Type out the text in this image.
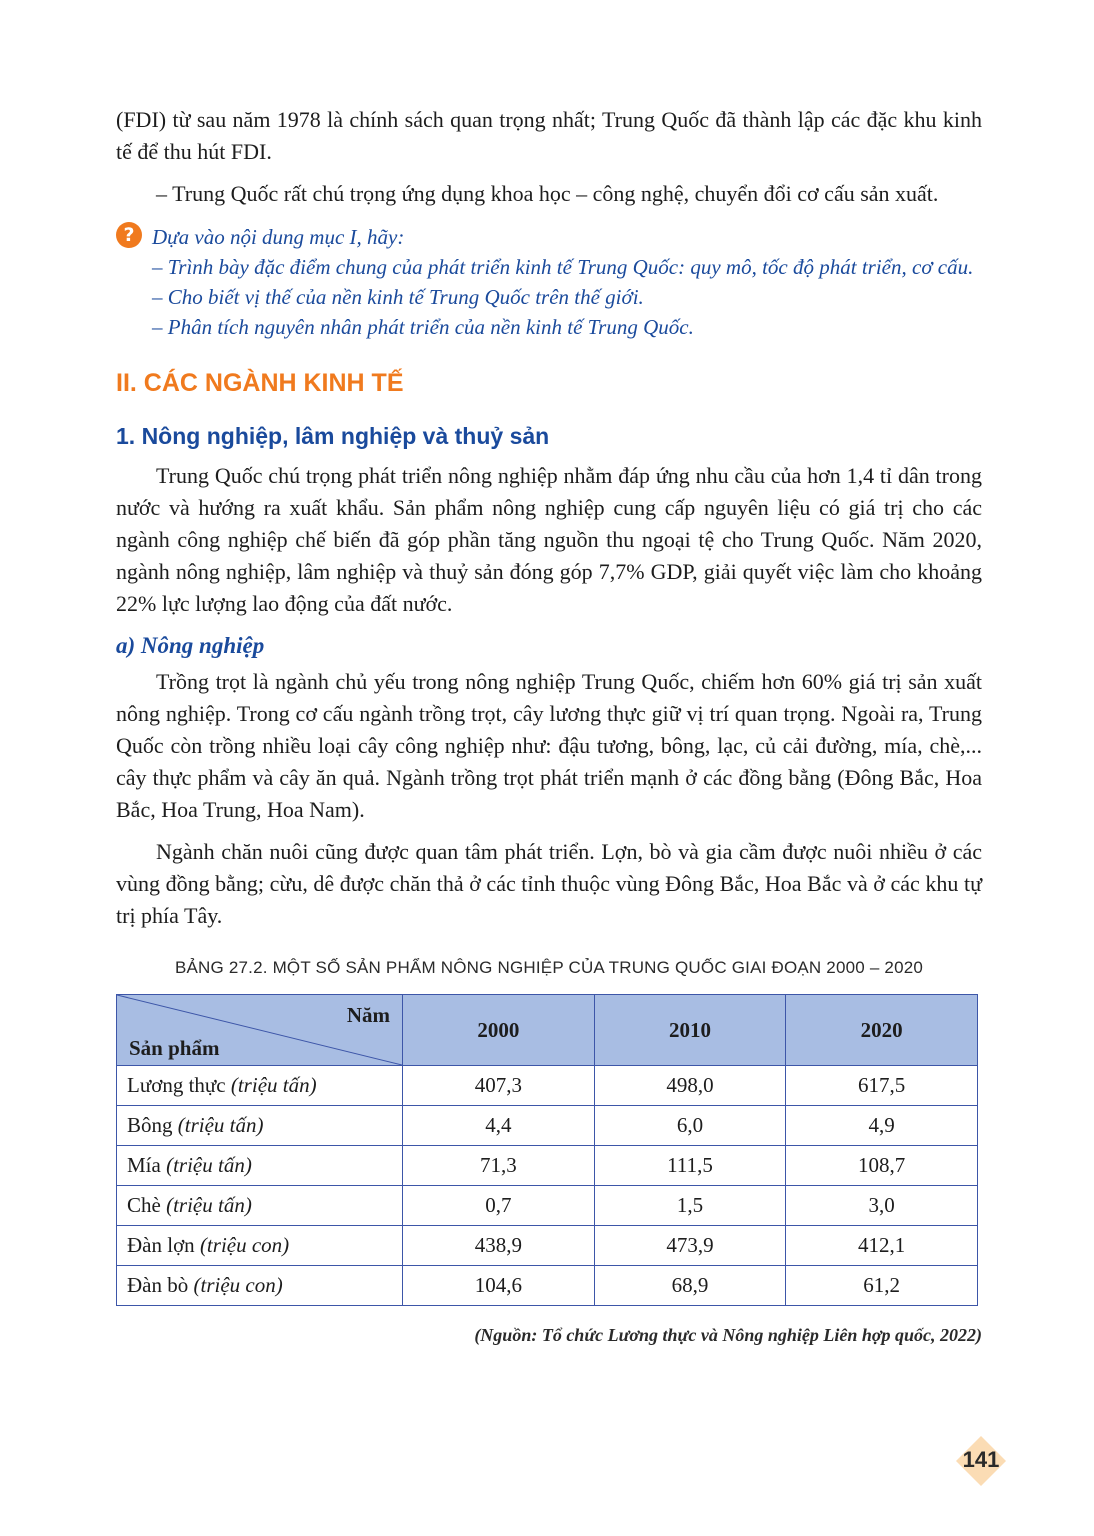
(FDI) từ sau năm 1978 là chính sách quan trọng nhất; Trung Quốc đã thành lập các đặc khu kinh tế để thu hút FDI.

– Trung Quốc rất chú trọng ứng dụng khoa học – công nghệ, chuyển đổi cơ cấu sản xuất.

? Dựa vào nội dung mục I, hãy:

– Trình bày đặc điểm chung của phát triển kinh tế Trung Quốc: quy mô, tốc độ phát triển, cơ cấu.

– Cho biết vị thế của nền kinh tế Trung Quốc trên thế giới.

– Phân tích nguyên nhân phát triển của nền kinh tế Trung Quốc.

II. CÁC NGÀNH KINH TẾ
1. Nông nghiệp, lâm nghiệp và thuỷ sản

Trung Quốc chú trọng phát triển nông nghiệp nhằm đáp ứng nhu cầu của hơn 1,4 tỉ dân trong nước và hướng ra xuất khẩu. Sản phẩm nông nghiệp cung cấp nguyên liệu có giá trị cho các ngành công nghiệp chế biến đã góp phần tăng nguồn thu ngoại tệ cho Trung Quốc. Năm 2020, ngành nông nghiệp, lâm nghiệp và thuỷ sản đóng góp 7,7% GDP, giải quyết việc làm cho khoảng 22% lực lượng lao động của đất nước.

a) Nông nghiệp

Trồng trọt là ngành chủ yếu trong nông nghiệp Trung Quốc, chiếm hơn 60% giá trị sản xuất nông nghiệp. Trong cơ cấu ngành trồng trọt, cây lương thực giữ vị trí quan trọng. Ngoài ra, Trung Quốc còn trồng nhiều loại cây công nghiệp như: đậu tương, bông, lạc, củ cải đường, mía, chè,... cây thực phẩm và cây ăn quả. Ngành trồng trọt phát triển mạnh ở các đồng bằng (Đông Bắc, Hoa Bắc, Hoa Trung, Hoa Nam).

Ngành chăn nuôi cũng được quan tâm phát triển. Lợn, bò và gia cầm được nuôi nhiều ở các vùng đồng bằng; cừu, dê được chăn thả ở các tỉnh thuộc vùng Đông Bắc, Hoa Bắc và ở các khu tự trị phía Tây.

BẢNG 27.2. MỘT SỐ SẢN PHẨM NÔNG NGHIỆP CỦA TRUNG QUỐC GIAI ĐOẠN 2000 – 2020
Năm
Sản phẩm	2000	2010	2020
Lương thực (triệu tấn)	407,3	498,0	617,5
Bông (triệu tấn)	4,4	6,0	4,9
Mía (triệu tấn)	71,3	111,5	108,7
Chè (triệu tấn)	0,7	1,5	3,0
Đàn lợn (triệu con)	438,9	473,9	412,1
Đàn bò (triệu con)	104,6	68,9	61,2
(Nguồn: Tổ chức Lương thực và Nông nghiệp Liên hợp quốc, 2022)
141
